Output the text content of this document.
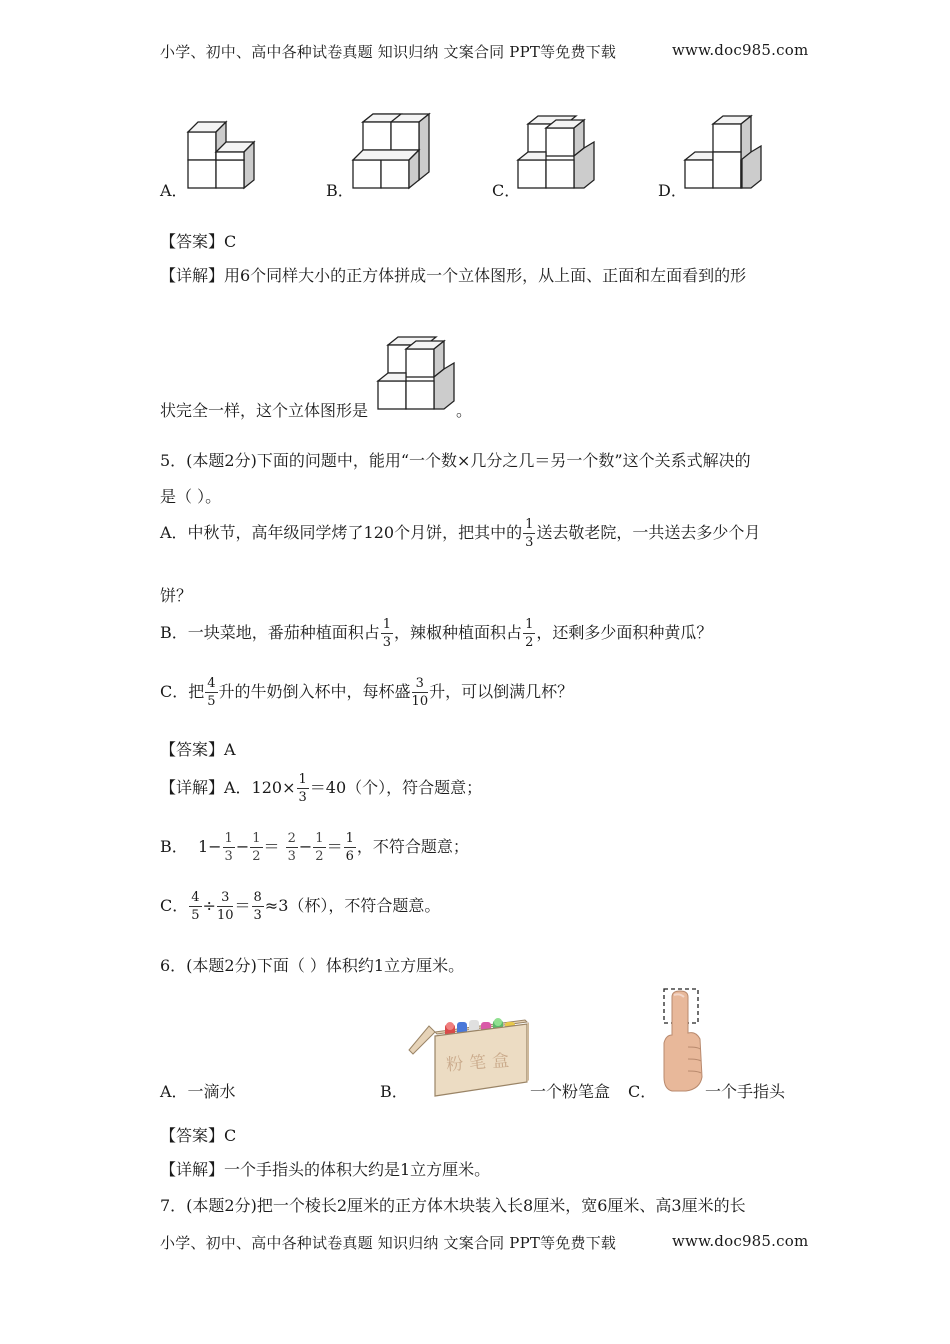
小学、初中、高中各种试卷真题 知识归纳 文案合同 PPT等免费下载	www.doc985.com
A．	B．	C．	D．
【答案】C
【详解】用6个同样大小的正方体拼成一个立体图形，从上面、正面和左面看到的形
状完全一样，这个立体图形是	。
5．(本题2分)下面的问题中，能用“一个数×几分之几＝另一个数”这个关系式解决的
是（ ）。
A．中秋节，高年级同学烤了120个月饼，把其中的 $\frac{1}{3}$ 送去敬老院，一共送去多少个月
饼？
B．一块菜地，番茄种植面积占 $\frac{1}{3}$ ，辣椒种植面积占 $\frac{1}{2}$ ，还剩多少面积种黄瓜？
C．把 $\frac{4}{5}$ 升的牛奶倒入杯中，每杯盛 $\frac{3}{10}$ 升，可以倒满几杯？
【答案】A
【详解】A．$120\times \frac{1}{3} =40$（个），符合题意；
B． $1- \frac{1}{3} - \frac{1}{2} = \frac{2}{3} - \frac{1}{2} = \frac{1}{6}$ ，不符合题意；
C． $\frac{4}{5} \div \frac{3}{10} = \frac{8}{3} \approx 3$（杯），不符合题意。
6．(本题2分)下面（ ）体积约1立方厘米。
粉笔盒
A．一滴水	B．	一个粉笔盒 C．	一个手指头
【答案】C
【详解】一个手指头的体积大约是1立方厘米。
7．(本题2分)把一个棱长2厘米的正方体木块装入长8厘米，宽6厘米、高3厘米的长
小学、初中、高中各种试卷真题 知识归纳 文案合同 PPT等免费下载	www.doc985.com
